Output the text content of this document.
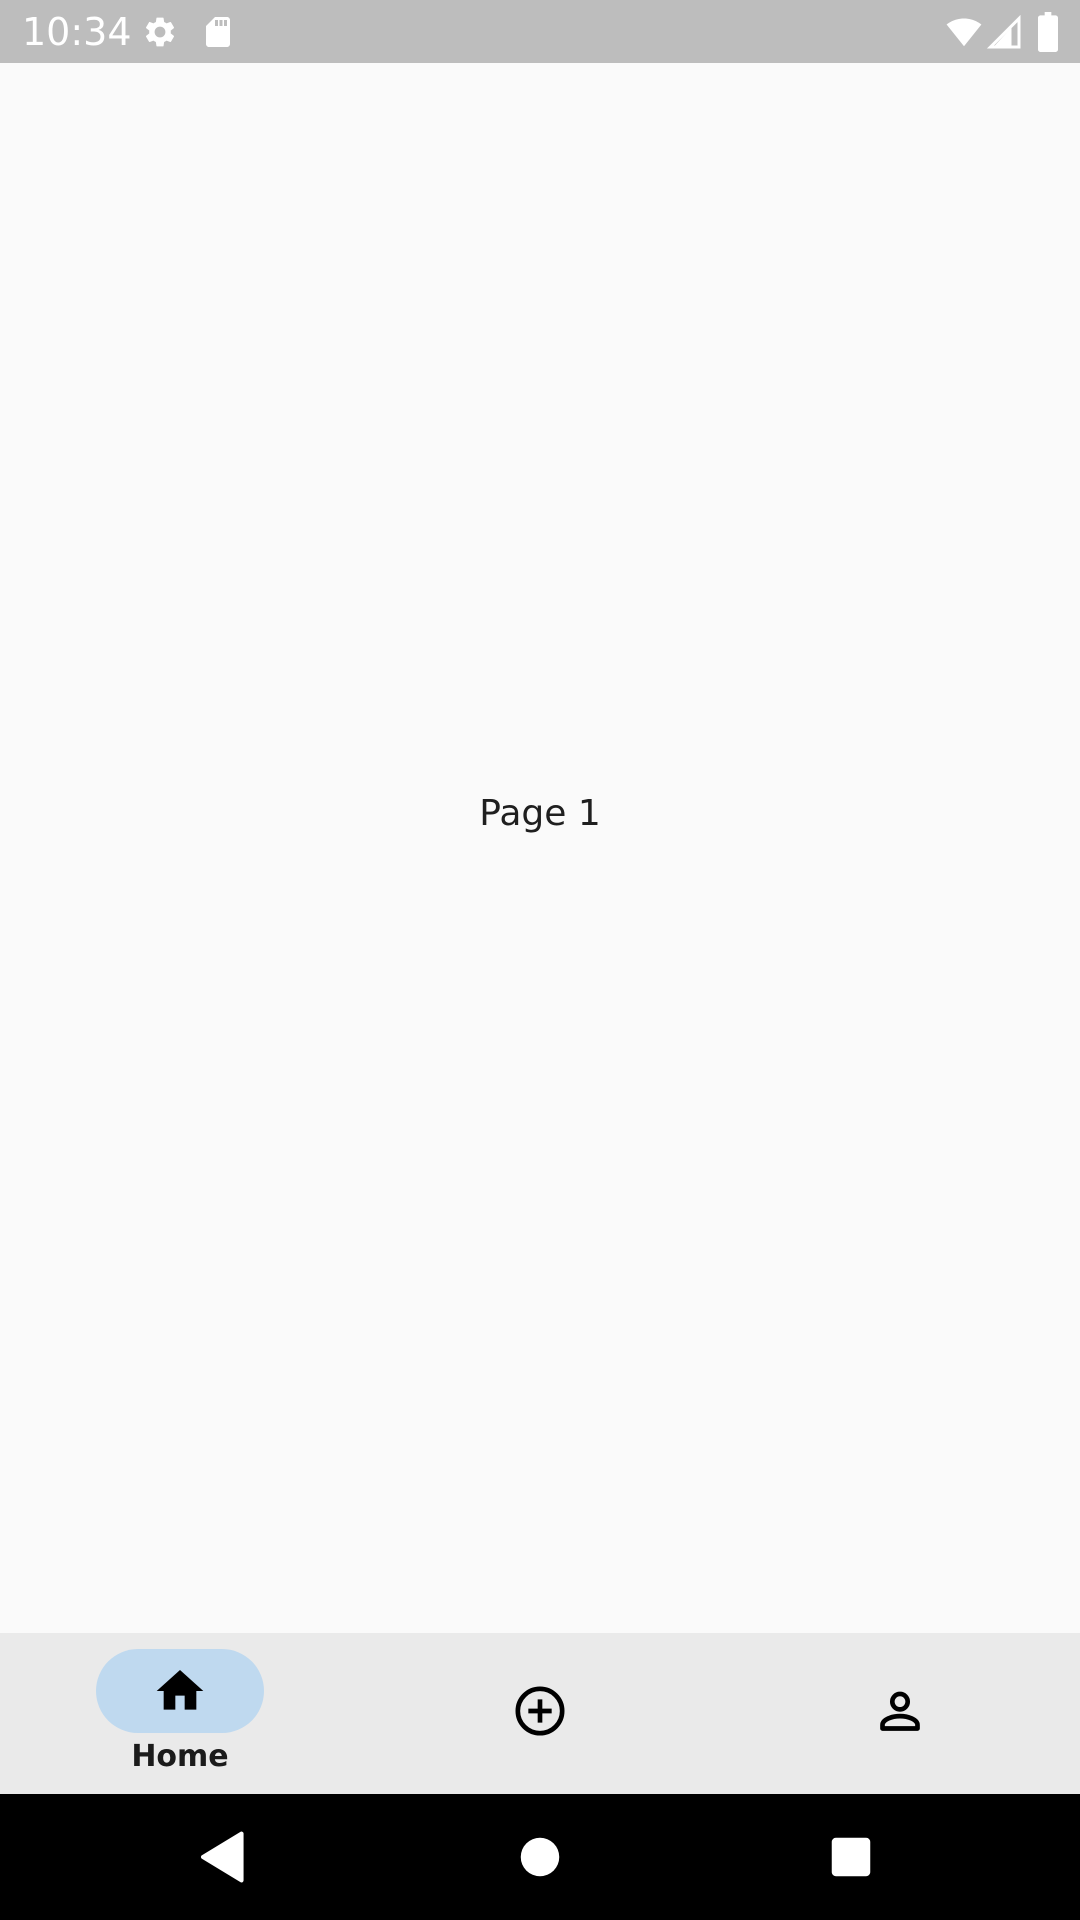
10:34
Page 1
Home
